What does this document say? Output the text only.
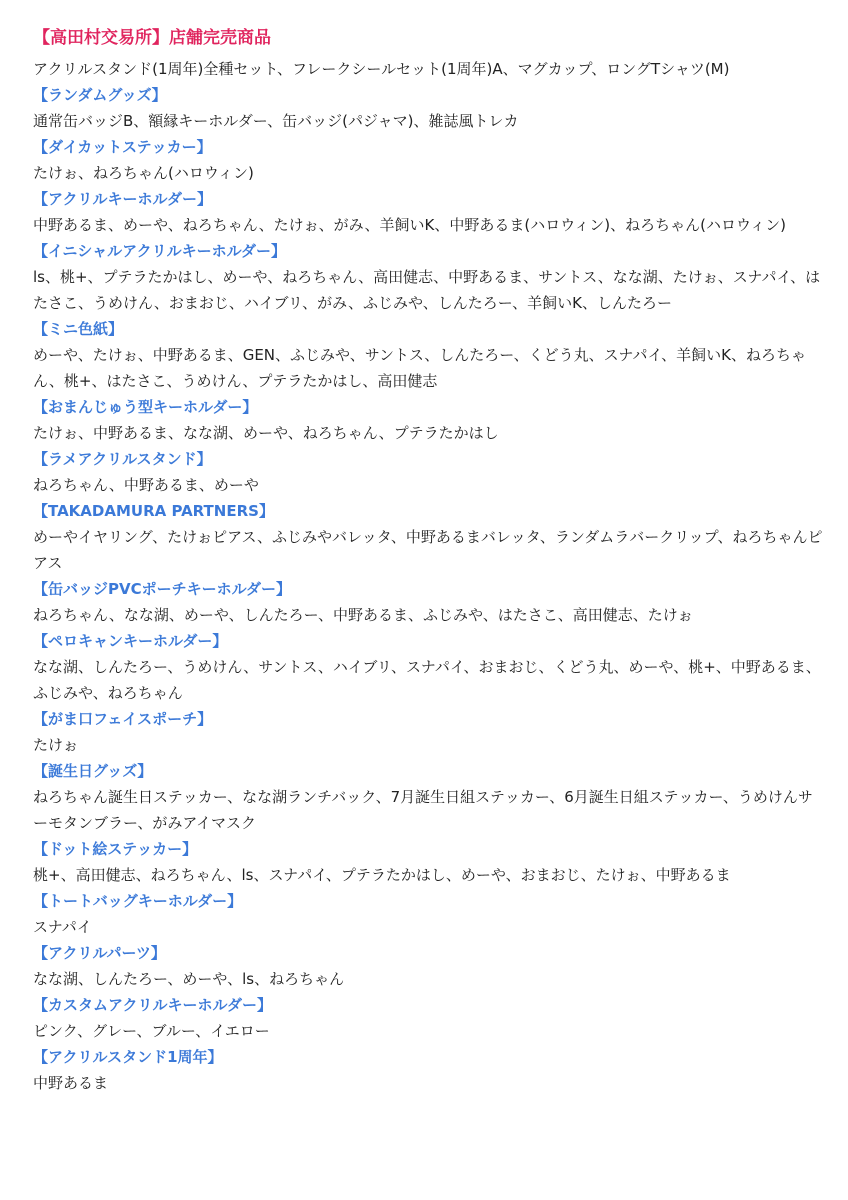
【高田村交易所】店舗完売商品
アクリルスタンド(1周年)全種セット、フレークシールセット(1周年)A、マグカップ、ロングTシャツ(M)
【ランダムグッズ】
通常缶バッジB、額縁キーホルダー、缶バッジ(パジャマ)、雑誌風トレカ
【ダイカットステッカー】
たけぉ、ねろちゃん(ハロウィン)
【アクリルキーホルダー】
中野あるま、めーや、ねろちゃん、たけぉ、がみ、羊飼いK、中野あるま(ハロウィン)、ねろちゃん(ハロウィン)
【イニシャルアクリルキーホルダー】
ls、桃+、プテラたかはし、めーや、ねろちゃん、高田健志、中野あるま、サントス、なな湖、たけぉ、スナパイ、はたさこ、うめけん、おまおじ、ハイブリ、がみ、ふじみや、しんたろー、羊飼いK、しんたろー
【ミニ色紙】
めーや、たけぉ、中野あるま、GEN、ふじみや、サントス、しんたろー、くどう丸、スナパイ、羊飼いK、ねろちゃん、桃+、はたさこ、うめけん、プテラたかはし、高田健志
【おまんじゅう型キーホルダー】
たけぉ、中野あるま、なな湖、めーや、ねろちゃん、プテラたかはし
【ラメアクリルスタンド】
ねろちゃん、中野あるま、めーや
【TAKADAMURA PARTNERS】
めーやイヤリング、たけぉピアス、ふじみやバレッタ、中野あるまバレッタ、ランダムラバークリップ、ねろちゃんピアス
【缶バッジPVCポーチキーホルダー】
ねろちゃん、なな湖、めーや、しんたろー、中野あるま、ふじみや、はたさこ、高田健志、たけぉ
【ペロキャンキーホルダー】
なな湖、しんたろー、うめけん、サントス、ハイブリ、スナパイ、おまおじ、くどう丸、めーや、桃+、中野あるま、ふじみや、ねろちゃん
【がま口フェイスポーチ】
たけぉ
【誕生日グッズ】
ねろちゃん誕生日ステッカー、なな湖ランチバック、7月誕生日組ステッカー、6月誕生日組ステッカー、うめけんサーモタンブラー、がみアイマスク
【ドット絵ステッカー】
桃+、高田健志、ねろちゃん、ls、スナパイ、プテラたかはし、めーや、おまおじ、たけぉ、中野あるま
【トートバッグキーホルダー】
スナパイ
【アクリルパーツ】
なな湖、しんたろー、めーや、ls、ねろちゃん
【カスタムアクリルキーホルダー】
ピンク、グレー、ブルー、イエロー
【アクリルスタンド1周年】
中野あるま
